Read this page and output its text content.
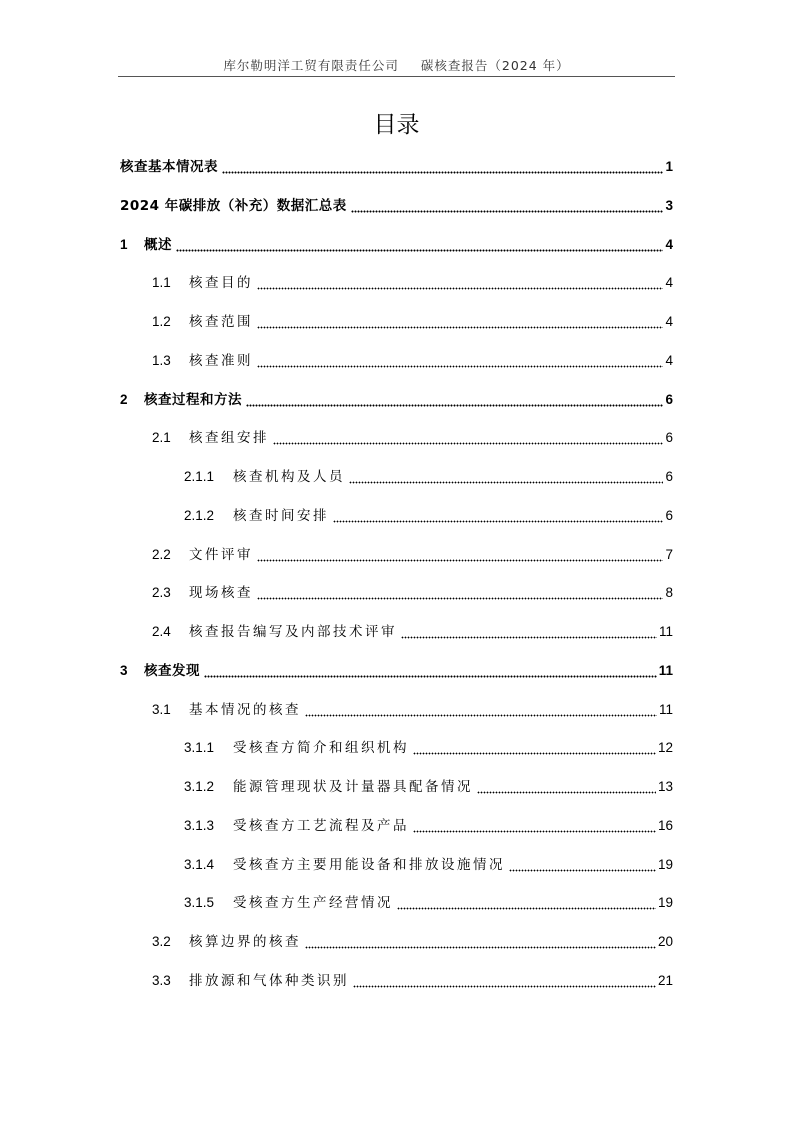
库尔勒明洋工贸有限责任公司 碳核查报告（2024 年）
目录
核查基本情况表	1
2024 年碳排放（补充）数据汇总表	3
1	概述	4
1.1	核查目的	4
1.2	核查范围	4
1.3	核查准则	4
2	核查过程和方法	6
2.1	核查组安排	6
2.1.1	核查机构及人员	6
2.1.2	核查时间安排	6
2.2	文件评审	7
2.3	现场核查	8
2.4	核查报告编写及内部技术评审	11
3	核查发现	11
3.1	基本情况的核查	11
3.1.1	受核查方简介和组织机构	12
3.1.2	能源管理现状及计量器具配备情况	13
3.1.3	受核查方工艺流程及产品	16
3.1.4	受核查方主要用能设备和排放设施情况	19
3.1.5	受核查方生产经营情况	19
3.2	核算边界的核查	20
3.3	排放源和气体种类识别	21
